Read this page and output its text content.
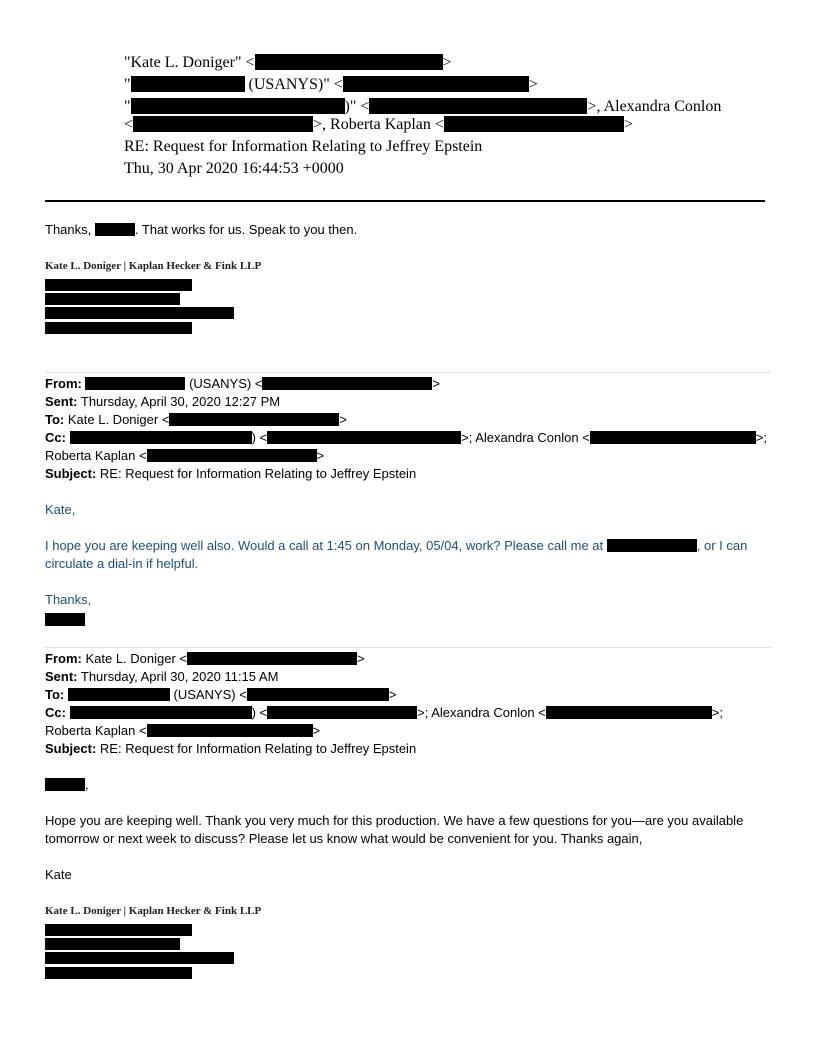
"Kate L. Doniger" <	>
"	(USANYS)" <	>
"	)" <	>, Alexandra Conlon
<	>, Roberta Kaplan <	>
RE: Request for Information Relating to Jeffrey Epstein
Thu, 30 Apr 2020 16:44:53 +0000
Thanks,	. That works for us. Speak to you then.
Kate L. Doniger | Kaplan Hecker & Fink LLP
From:	(USANYS) <	>
Sent: Thursday, April 30, 2020 12:27 PM
To: Kate L. Doniger <	>
Cc:	) <	>; Alexandra Conlon <	>;
Roberta Kaplan <	>
Subject: RE: Request for Information Relating to Jeffrey Epstein
Kate,
I hope you are keeping well also. Would a call at 1:45 on Monday, 05/04, work? Please call me at	, or I can
circulate a dial-in if helpful.
Thanks,
From: Kate L. Doniger <	>
Sent: Thursday, April 30, 2020 11:15 AM
To:	(USANYS) <	>
Cc:	) <	>; Alexandra Conlon <	>;
Roberta Kaplan <	>
Subject: RE: Request for Information Relating to Jeffrey Epstein
,
Hope you are keeping well. Thank you very much for this production. We have a few questions for you—are you available
tomorrow or next week to discuss? Please let us know what would be convenient for you. Thanks again,
Kate
Kate L. Doniger | Kaplan Hecker & Fink LLP
